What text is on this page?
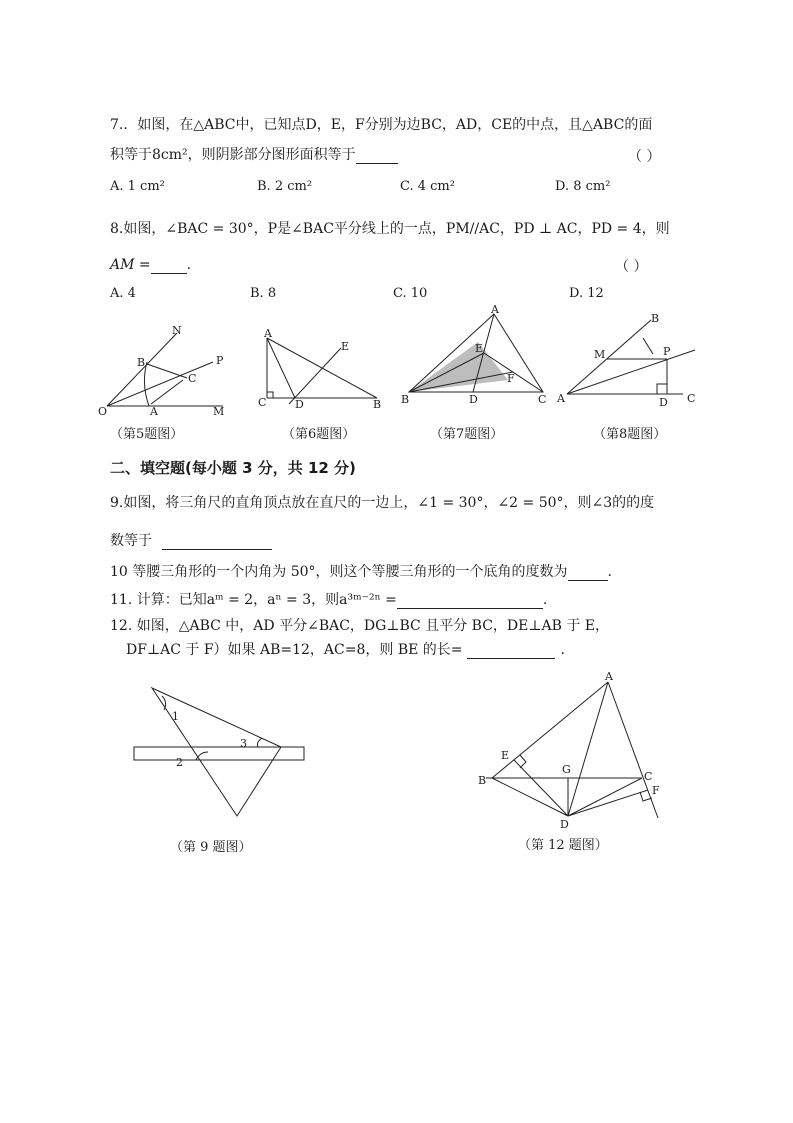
7.．如图，在△ABC中，已知点D，E，F分别为边BC，AD，CE的中点，且△ABC的面
积等于8cm²，则阴影部分图形面积等于	（ ）
A. 1 cm²	B. 2 cm²	C. 4 cm²	D. 8 cm²
8.如图，∠BAC = 30°，P是∠BAC平分线上的一点，PM//AC，PD ⊥ AC，PD = 4，则
AM =	.	（ ）
A. 4	B. 8	C. 10	D. 12
N
P
B
C
O	A	M
A
E
C	D	B
A
E
F
B	D	C
B
M	P
A	D C
（第5题图）	（第6题图）	（第7题图）	（第8题图）
二、填空题(每小题 3 分，共 12 分)
9.如图，将三角尺的直角顶点放在直尺的一边上，∠1 = 30°，∠2 = 50°，则∠3的的度
数等于
10 等腰三角形的一个内角为 50°，则这个等腰三角形的一个底角的度数为	.
11. 计算：已知aᵐ = 2，aⁿ = 3，则a³ᵐ⁻²ⁿ =	.
12. 如图，△ABC 中，AD 平分∠BAC，DG⊥BC 且平分 BC，DE⊥AB 于 E，
DF⊥AC 于 F）如果 AB=12，AC=8，则 BE 的长=	.
1
2
3
A
E
G
C
B
F
D
（第 9 题图）	（第 12 题图）
